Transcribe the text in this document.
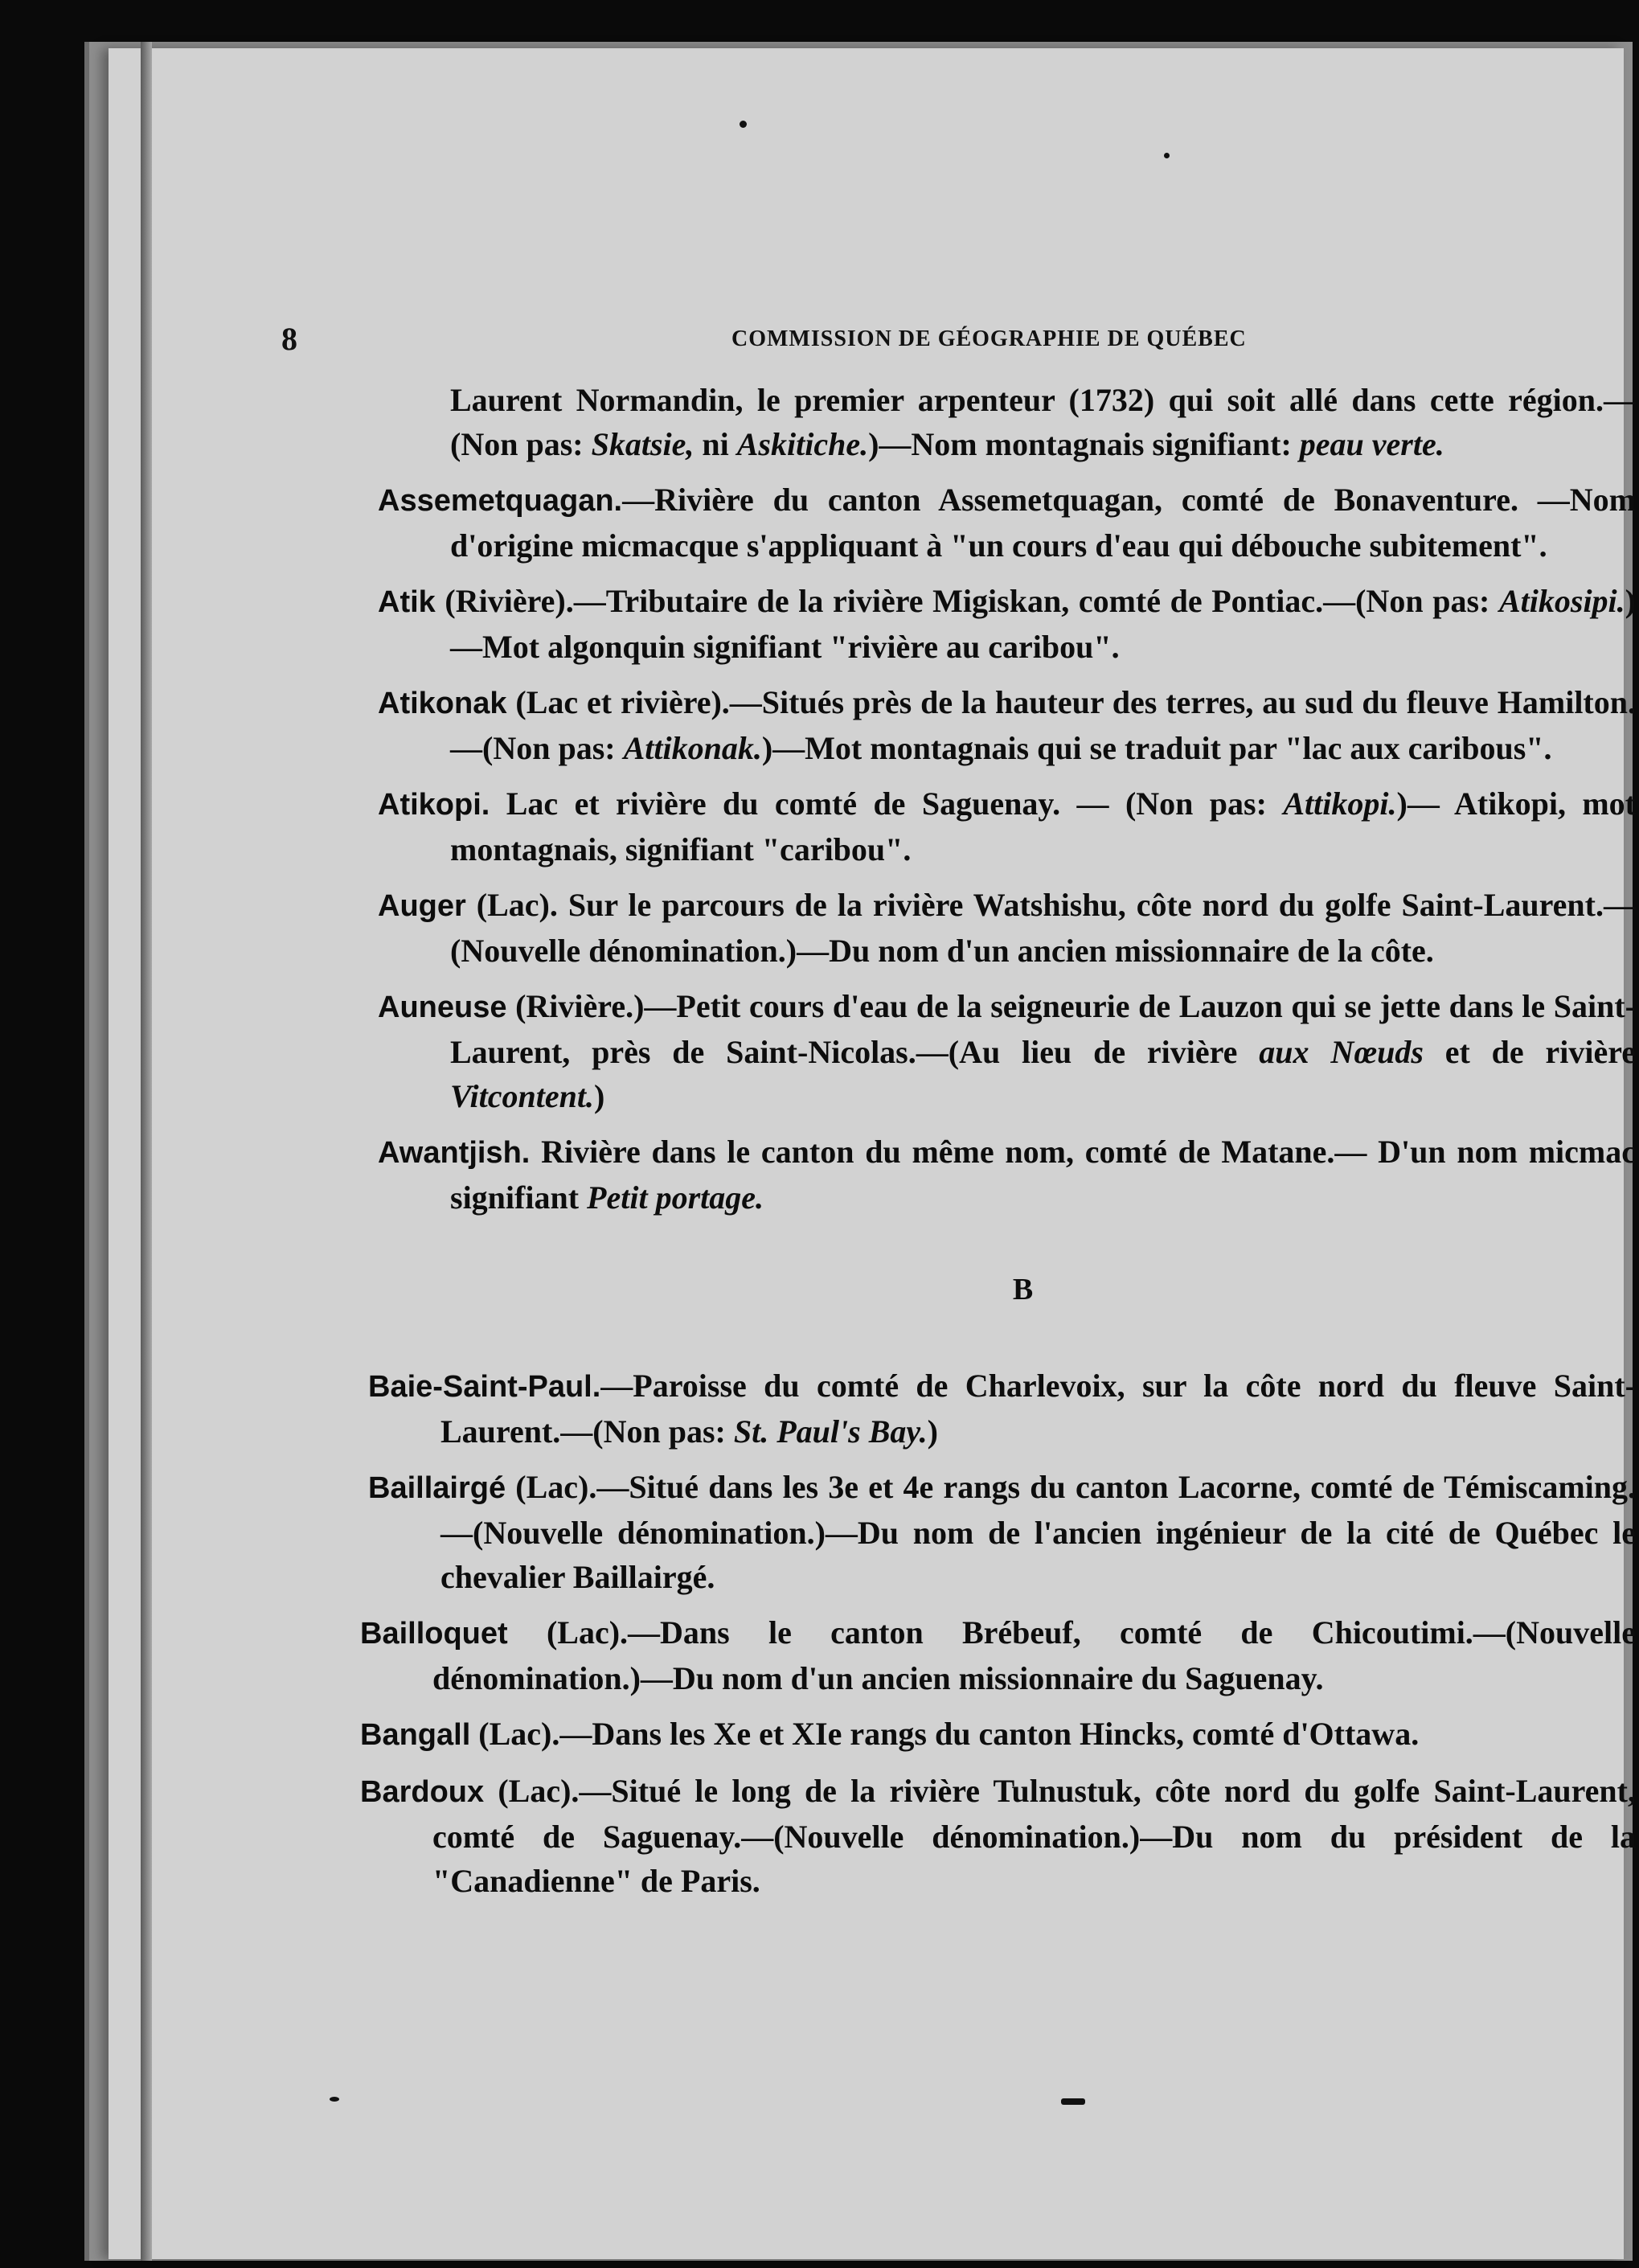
8	COMMISSION DE GÉOGRAPHIE DE QUÉBEC

Laurent Normandin, le premier arpenteur (1732) qui soit allé dans cette région.—(Non pas: Skatsie, ni Askitiche.)—Nom montagnais signifiant: peau verte.

Assemetquagan.—Rivière du canton Assemetquagan, comté de Bonaventure. —Nom d'origine micmacque s'appliquant à "un cours d'eau qui débouche subitement".

Atik (Rivière).—Tributaire de la rivière Migiskan, comté de Pontiac.—(Non pas: Atikosipi.)—Mot algonquin signifiant "rivière au caribou".

Atikonak (Lac et rivière).—Situés près de la hauteur des terres, au sud du fleuve Hamilton.—(Non pas: Attikonak.)—Mot montagnais qui se traduit par "lac aux caribous".

Atikopi. Lac et rivière du comté de Saguenay. — (Non pas: Attikopi.)— Atikopi, mot montagnais, signifiant "caribou".

Auger (Lac). Sur le parcours de la rivière Watshishu, côte nord du golfe Saint-Laurent.—(Nouvelle dénomination.)—Du nom d'un ancien missionnaire de la côte.

Auneuse (Rivière.)—Petit cours d'eau de la seigneurie de Lauzon qui se jette dans le Saint-Laurent, près de Saint-Nicolas.—(Au lieu de rivière aux Nœuds et de rivière Vitcontent.)

Awantjish. Rivière dans le canton du même nom, comté de Matane.— D'un nom micmac signifiant Petit portage.

B

Baie-Saint-Paul.—Paroisse du comté de Charlevoix, sur la côte nord du fleuve Saint-Laurent.—(Non pas: St. Paul's Bay.)

Baillairgé (Lac).—Situé dans les 3e et 4e rangs du canton Lacorne, comté de Témiscaming.—(Nouvelle dénomination.)—Du nom de l'ancien ingénieur de la cité de Québec le chevalier Baillairgé.

Bailloquet (Lac).—Dans le canton Brébeuf, comté de Chicoutimi.—(Nouvelle dénomination.)—Du nom d'un ancien missionnaire du Saguenay.

Bangall (Lac).—Dans les Xe et XIe rangs du canton Hincks, comté d'Ottawa.

Bardoux (Lac).—Situé le long de la rivière Tulnustuk, côte nord du golfe Saint-Laurent, comté de Saguenay.—(Nouvelle dénomination.)—Du nom du président de la "Canadienne" de Paris.
